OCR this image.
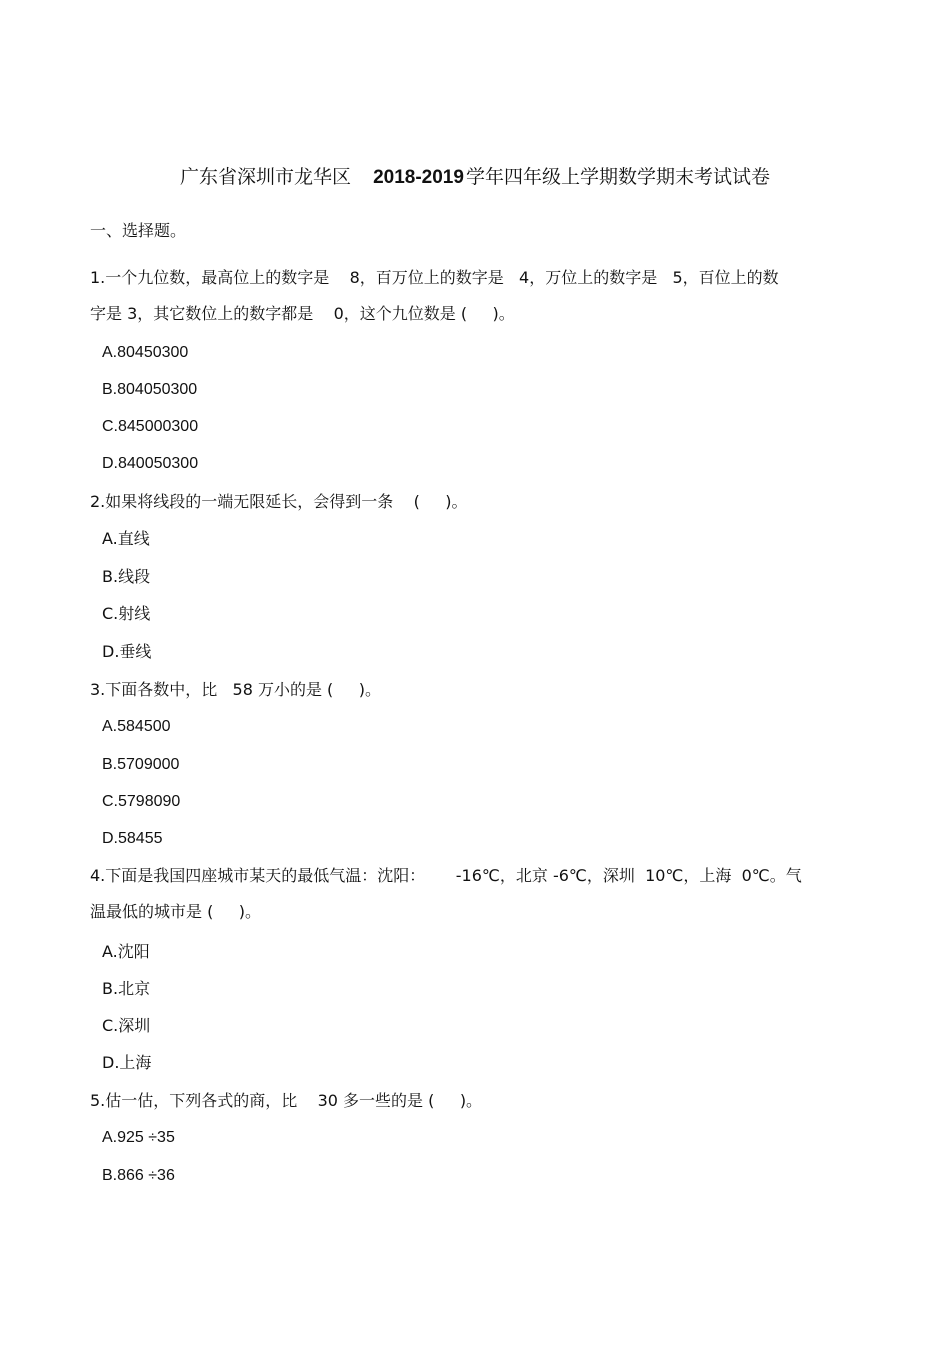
广东省深圳市龙华区 2018-2019 学年四年级上学期数学期末考试试卷
一、选择题。
1.一个九位数，最高位上的数字是    8，百万位上的数字是   4，万位上的数字是   5，百位上的数
字是 3，其它数位上的数字都是    0，这个九位数是 (     )。
A.80450300
B.804050300
C.845000300
D.840050300
2.如果将线段的一端无限延长，会得到一条    (     )。
A.直线
B.线段
C.射线
D.垂线
3.下面各数中，比   58 万小的是 (     )。
A.584500
B.5709000
C.5798090
D.58455
4.下面是我国四座城市某天的最低气温：沈阳：      -16℃，北京 -6℃，深圳  10℃，上海  0℃。气
温最低的城市是 (     )。
A.沈阳
B.北京
C.深圳
D.上海
5.估一估，下列各式的商，比    30 多一些的是 (     )。
A.925 ÷35
B.866 ÷36
